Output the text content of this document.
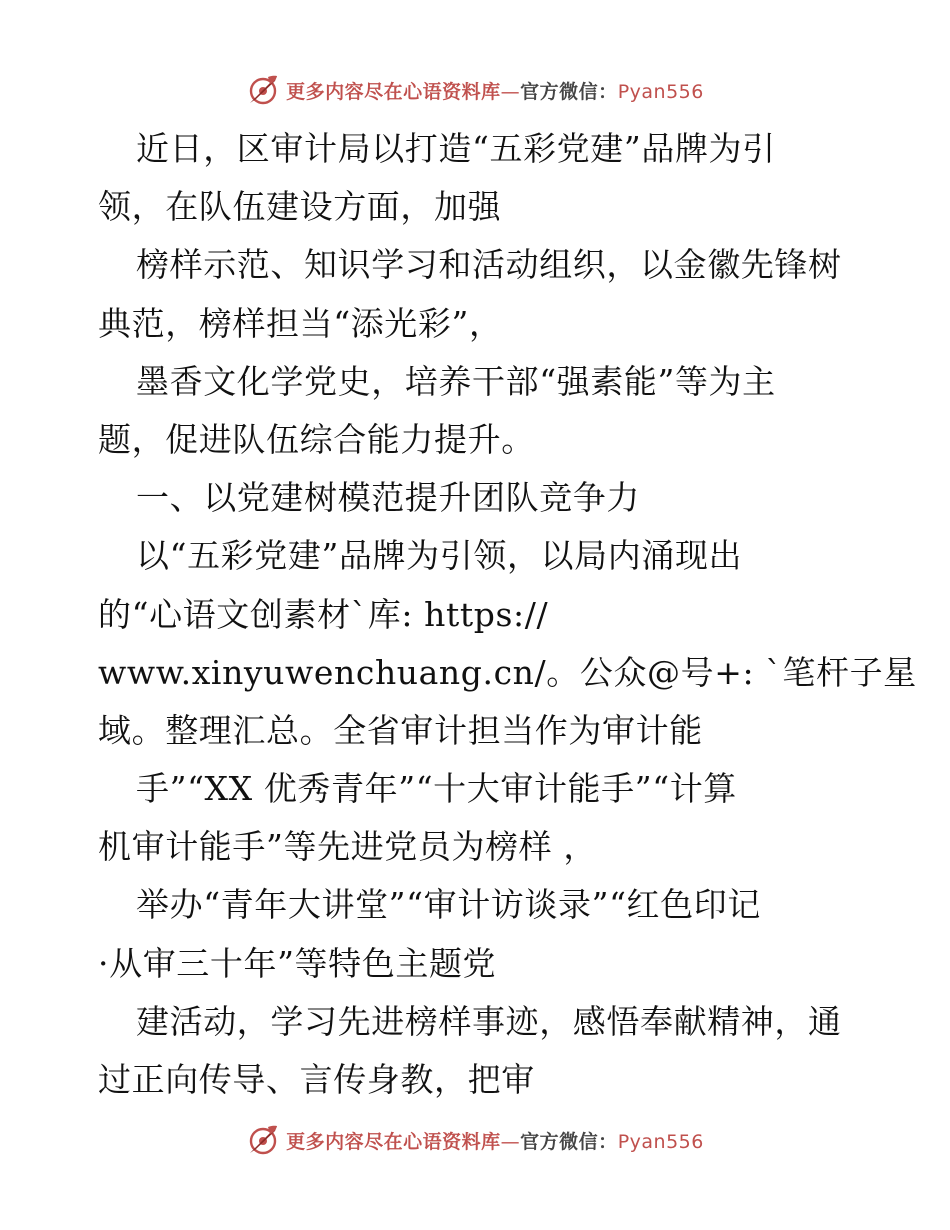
更多内容尽在心语资料库—官方微信：Pyan556
近日，区审计局以打造“五彩党建”品牌为引
领，在队伍建设方面，加强
榜样示范、知识学习和活动组织，以金徽先锋树
典范，榜样担当“添光彩”，
墨香文化学党史，培养干部“强素能”等为主
题，促进队伍综合能力提升。
一、以党建树模范提升团队竞争力
以“五彩党建”品牌为引领，以局内涌现出
的“心语文创素材`库: https://
www.xinyuwenchuang.cn/。公众@号+: `笔杆子星
域。整理汇总。全省审计担当作为审计能
手”“XX 优秀青年”“十大审计能手”“计算
机审计能手”等先进党员为榜样 ，
举办“青年大讲堂”“审计访谈录”“红色印记
·从审三十年”等特色主题党
建活动，学习先进榜样事迹，感悟奉献精神，通
过正向传导、言传身教，把审
更多内容尽在心语资料库—官方微信：Pyan556
